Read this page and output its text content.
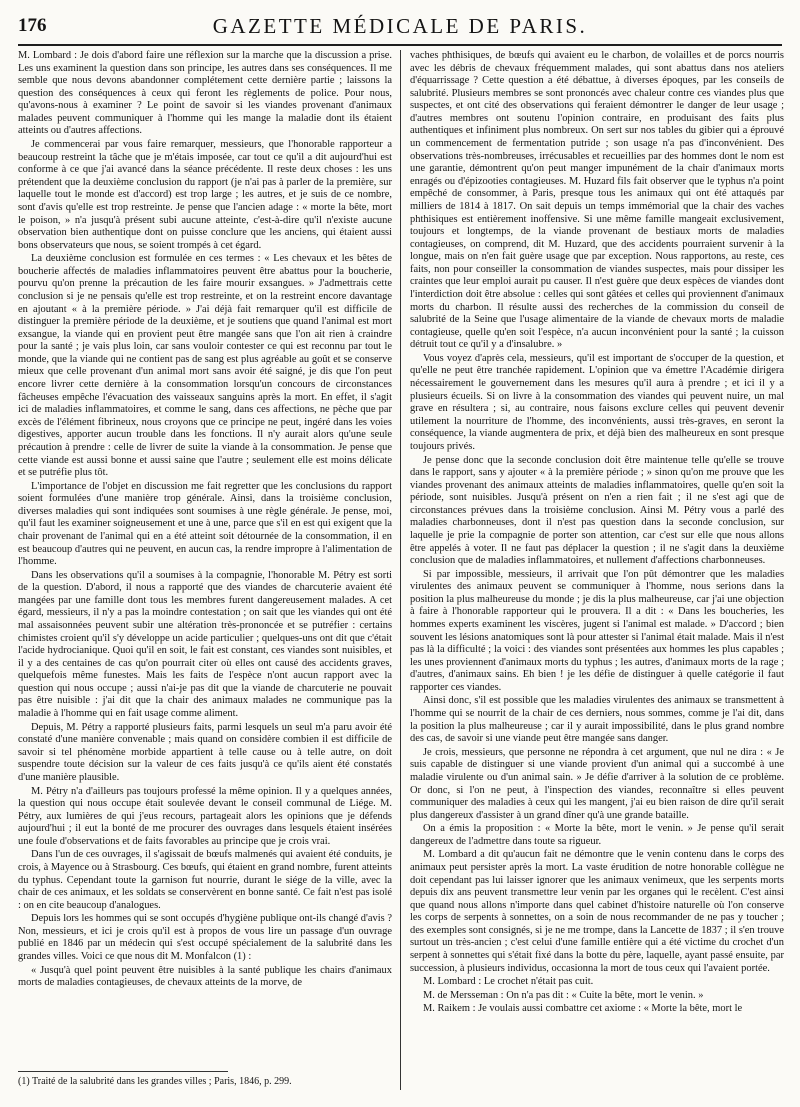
176	GAZETTE MÉDICALE DE PARIS.

M. Lombard : Je dois d'abord faire une réflexion sur la marche que la discussion a prise. Les uns examinent la question dans son principe, les autres dans ses conséquences. Il me semble que nous devons abandonner complétement cette dernière partie ; laissons la question des conséquences à ceux qui feront les règlements de police. Pour nous, qu'avons-nous à examiner ? Le point de savoir si les viandes provenant d'animaux malades peuvent communiquer à l'homme qui les mange la maladie dont ils étaient atteints ou d'autres affections.

Je commencerai par vous faire remarquer, messieurs, que l'honorable rapporteur a beaucoup restreint la tâche que je m'étais imposée, car tout ce qu'il a dit aujourd'hui est conforme à ce que j'ai avancé dans la séance précédente. Il reste deux choses : les uns prétendent que la deuxième conclusion du rapport (je n'ai pas à parler de la première, sur laquelle tout le monde est d'accord) est trop large ; les autres, et je suis de ce nombre, sont d'avis qu'elle est trop restreinte. Je pense que l'ancien adage : « morte la bête, mort le poison, » n'a jusqu'à présent subi aucune atteinte, c'est-à-dire qu'il n'existe aucune observation bien authentique dont on puisse conclure que les anciens, qui étaient aussi bons observateurs que nous, se soient trompés à cet égard.

La deuxième conclusion est formulée en ces termes : « Les chevaux et les bêtes de boucherie affectés de maladies inflammatoires peuvent être abattus pour la boucherie, pourvu qu'on prenne la précaution de les faire mourir exsangues. » J'admettrais cette conclusion si je ne pensais qu'elle est trop restreinte, et on la restreint encore davantage en ajoutant « à la première période. » J'ai déjà fait remarquer qu'il est difficile de distinguer la première période de la deuxième, et je soutiens que quand l'animal est mort exsangue, la viande qui en provient peut être mangée sans que l'on ait rien à craindre pour la santé ; je vais plus loin, car sans vouloir contester ce qui est reconnu par tout le monde, que la viande qui ne contient pas de sang est plus agréable au goût et se conserve mieux que celle provenant d'un animal mort sans avoir été saigné, je dis que l'on peut encore livrer cette dernière à la consommation lorsqu'un concours de circonstances fâcheuses empêche l'évacuation des vaisseaux sanguins après la mort. En effet, il s'agit ici de maladies inflammatoires, et comme le sang, dans ces affections, ne pèche que par excès de l'élément fibrineux, nous croyons que ce principe ne peut, ingéré dans les voies digestives, apporter aucun trouble dans les fonctions. Il n'y aurait alors qu'une seule précaution à prendre : celle de livrer de suite la viande à la consommation. Je pense que cette viande est aussi bonne et aussi saine que l'autre ; seulement elle est moins délicate et se putréfie plus tôt.

L'importance de l'objet en discussion me fait regretter que les conclusions du rapport soient formulées d'une manière trop générale. Ainsi, dans la troisième conclusion, diverses maladies qui sont indiquées sont soumises à une règle générale. Je pense, moi, qu'il faut les examiner soigneusement et une à une, parce que s'il en est qui exigent que la chair provenant de l'animal qui en a été atteint soit détournée de la consommation, il en est beaucoup d'autres qui ne peuvent, en aucun cas, la rendre impropre à l'alimentation de l'homme.

Dans les observations qu'il a soumises à la compagnie, l'honorable M. Pétry est sorti de la question. D'abord, il nous a rapporté que des viandes de charcuterie avaient été mangées par une famille dont tous les membres furent dangereusement malades. A cet égard, messieurs, il n'y a pas la moindre contestation ; on sait que les viandes qui ont été mal assaisonnées peuvent subir une altération très-prononcée et se putréfier : certains chimistes croient qu'il s'y développe un acide particulier ; quelques-uns ont dit que c'était l'acide hydrocianique. Quoi qu'il en soit, le fait est constant, ces viandes sont nuisibles, et il y a des centaines de cas qu'on pourrait citer où elles ont causé des accidents graves, quelquefois même funestes. Mais les faits de l'espèce n'ont aucun rapport avec la question qui nous occupe ; aussi n'ai-je pas dit que la viande de charcuterie ne pouvait pas être nuisible : j'ai dit que la chair des animaux malades ne communique pas la maladie à l'homme qui en fait usage comme aliment.

Depuis, M. Pétry a rapporté plusieurs faits, parmi lesquels un seul m'a paru avoir été constaté d'une manière convenable ; mais quand on considère combien il est difficile de savoir si tel phénomène morbide appartient à telle cause ou à telle autre, on doit suspendre toute décision sur la valeur de ces faits jusqu'à ce qu'ils aient été constatés d'une manière plausible.

M. Pétry n'a d'ailleurs pas toujours professé la même opinion. Il y a quelques années, la question qui nous occupe était soulevée devant le conseil communal de Liége. M. Pétry, aux lumières de qui j'eus recours, partageait alors les opinions que je défends aujourd'hui ; il eut la bonté de me procurer des ouvrages dans lesquels étaient insérées une foule d'observations et de faits favorables au principe que je crois vrai.

Dans l'un de ces ouvrages, il s'agissait de bœufs malmenés qui avaient été conduits, je crois, à Mayence ou à Strasbourg. Ces bœufs, qui étaient en grand nombre, furent atteints du typhus. Cependant toute la garnison fut nourrie, durant le siége de la ville, avec la chair de ces animaux, et les soldats se conservèrent en bonne santé. Ce fait n'est pas isolé : on en cite beaucoup d'analogues.

Depuis lors les hommes qui se sont occupés d'hygiène publique ont-ils changé d'avis ? Non, messieurs, et ici je crois qu'il est à propos de vous lire un passage d'un ouvrage publié en 1846 par un médecin qui s'est occupé spécialement de la salubrité dans les grandes villes. Voici ce que nous dit M. Monfalcon (1) :

« Jusqu'à quel point peuvent être nuisibles à la santé publique les chairs d'animaux morts de maladies contagieuses, de chevaux atteints de la morve, de

vaches phthisiques, de bœufs qui avaient eu le charbon, de volailles et de porcs nourris avec les débris de chevaux fréquemment malades, qui sont abattus dans nos ateliers d'équarrissage ? Cette question a été débattue, à diverses époques, par les conseils de salubrité. Plusieurs membres se sont prononcés avec chaleur contre ces viandes plus que suspectes, et ont cité des observations qui feraient démontrer le danger de leur usage ; d'autres membres ont soutenu l'opinion contraire, en produisant des faits plus authentiques et infiniment plus nombreux. On sert sur nos tables du gibier qui a éprouvé un commencement de fermentation putride ; son usage n'a pas d'inconvénient. Des observations très-nombreuses, irrécusables et recueillies par des hommes dont le nom est une garantie, démontrent qu'on peut manger impunément de la chair d'animaux morts enragés ou d'épizooties contagieuses. M. Huzard fils fait observer que le typhus n'a point empêché de consommer, à Paris, presque tous les animaux qui ont été attaqués par milliers de 1814 à 1817. On sait depuis un temps immémorial que la chair des vaches phthisiques est entièrement inoffensive. Si une même famille mangeait exclusivement, toujours et longtemps, de la viande provenant de bestiaux morts de maladies contagieuses, on comprend, dit M. Huzard, que des accidents pourraient survenir à la longue, mais on n'en fait guère usage que par exception. Nous rapportons, au reste, ces faits, non pour conseiller la consommation de viandes suspectes, mais pour dissiper les craintes que leur emploi aurait pu causer. Il n'est guère que deux espèces de viandes dont l'interdiction doit être absolue : celles qui sont gâtées et celles qui proviennent d'animaux morts du charbon. Il résulte aussi des recherches de la commission du conseil de salubrité de la Seine que l'usage alimentaire de la viande de chevaux morts de maladie contagieuse, quelle qu'en soit l'espèce, n'a aucun inconvénient pour la santé ; la cuisson détruit tout ce qu'il y a d'insalubre. »

Vous voyez d'après cela, messieurs, qu'il est important de s'occuper de la question, et qu'elle ne peut être tranchée rapidement. L'opinion que va émettre l'Académie dirigera nécessairement le gouvernement dans les mesures qu'il aura à prendre ; et ici il y a plusieurs écueils. Si on livre à la consommation des viandes qui peuvent nuire, un mal grave en résultera ; si, au contraire, nous faisons exclure celles qui peuvent devenir utilement la nourriture de l'homme, des inconvénients, aussi très-graves, en seront la conséquence, la viande augmentera de prix, et déjà bien des malheureux en sont presque toujours privés.

Je pense donc que la seconde conclusion doit être maintenue telle qu'elle se trouve dans le rapport, sans y ajouter « à la première période ; » sinon qu'on me prouve que les viandes provenant des animaux atteints de maladies inflammatoires, quelle qu'en soit la période, sont nuisibles. Jusqu'à présent on n'en a rien fait ; il ne s'est agi que de circonstances prévues dans la troisième conclusion. Ainsi M. Pétry vous a parlé des maladies charbonneuses, dont il n'est pas question dans la seconde conclusion, sur laquelle je prie la compagnie de porter son attention, car c'est sur elle que nous allons être appelés à voter. Il ne faut pas déplacer la question ; il ne s'agit dans la deuxième conclusion que de maladies inflammatoires, et nullement d'affections charbonneuses.

Si par impossible, messieurs, il arrivait que l'on pût démontrer que les maladies virulentes des animaux peuvent se communiquer à l'homme, nous serions dans la position la plus malheureuse du monde ; je dis la plus malheureuse, car j'ai une objection à faire à l'honorable rapporteur qui le prouvera. Il a dit : « Dans les boucheries, les hommes experts examinent les viscères, jugent si l'animal est malade. » D'accord ; bien souvent les lésions anatomiques sont là pour attester si l'animal était malade. Mais il n'est pas là la difficulté ; la voici : des viandes sont présentées aux hommes les plus capables ; les unes proviennent d'animaux morts du typhus ; les autres, d'animaux morts de la rage ; d'autres, d'animaux sains. Eh bien ! je les défie de distinguer à quelle catégorie il faut rapporter ces viandes.

Ainsi donc, s'il est possible que les maladies virulentes des animaux se transmettent à l'homme qui se nourrit de la chair de ces derniers, nous sommes, comme je l'ai dit, dans la position la plus malheureuse ; car il y aurait impossibilité, dans le plus grand nombre des cas, de savoir si une viande peut être mangée sans danger.

Je crois, messieurs, que personne ne répondra à cet argument, que nul ne dira : « Je suis capable de distinguer si une viande provient d'un animal qui a succombé à une maladie virulente ou d'un animal sain. » Je défie d'arriver à la solution de ce problème. Or donc, si l'on ne peut, à l'inspection des viandes, reconnaître si elles peuvent communiquer des maladies à ceux qui les mangent, j'ai eu bien raison de dire qu'il serait plus dangereux d'assister à un grand dîner qu'à une grande bataille.

On a émis la proposition : « Morte la bête, mort le venin. » Je pense qu'il serait dangereux de l'admettre dans toute sa rigueur.

M. Lombard a dit qu'aucun fait ne démontre que le venin contenu dans le corps des animaux peut persister après la mort. La vaste érudition de notre honorable collègue ne doit cependant pas lui laisser ignorer que les animaux venimeux, que les serpents morts depuis dix ans peuvent transmettre leur venin par les organes qui le recèlent. C'est ainsi que quand nous allons n'importe dans quel cabinet d'histoire naturelle où l'on conserve les corps de serpents à sonnettes, on a soin de nous recommander de ne pas y toucher ; des exemples sont consignés, si je ne me trompe, dans la Lancette de 1837 ; il s'en trouve surtout un très-ancien ; c'est celui d'une famille entière qui a été victime du crochet d'un serpent à sonnettes qui s'était fixé dans la botte du père, laquelle, ayant passé ensuite, par succession, à plusieurs individus, occasionna la mort de tous ceux qui l'avaient portée.

M. Lombard : Le crochet n'était pas cuit.

M. de Mersseman : On n'a pas dit : « Cuite la bête, mort le venin. »

M. Raikem : Je voulais aussi combattre cet axiome : « Morte la bête, mort le

(1) Traité de la salubrité dans les grandes villes ; Paris, 1846, p. 299.
